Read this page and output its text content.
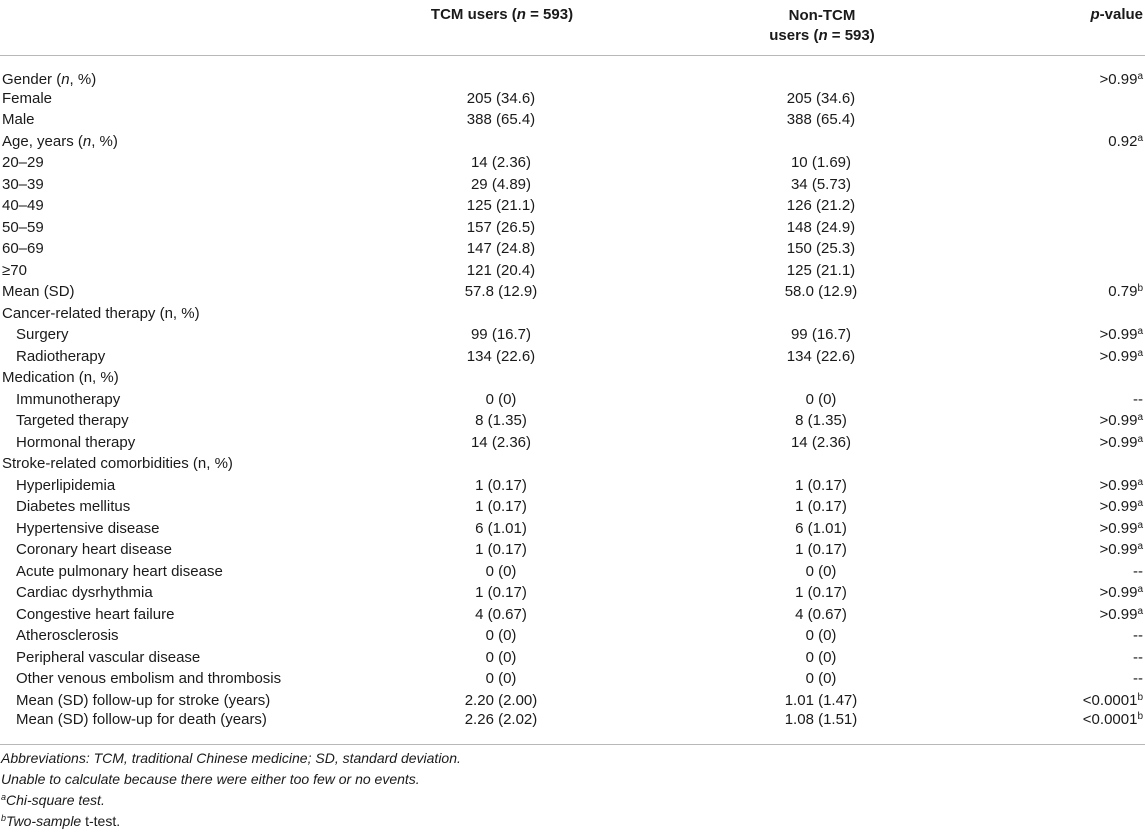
	TCM users (n = 593)	Non-TCM
users (n = 593)	p-value
Gender (n, %)			>0.99$^a$
Female	205 (34.6)	205 (34.6)	
Male	388 (65.4)	388 (65.4)	
Age, years (n, %)			0.92$^a$
20–29	14 (2.36)	10 (1.69)	
30–39	29 (4.89)	34 (5.73)	
40–49	125 (21.1)	126 (21.2)	
50–59	157 (26.5)	148 (24.9)	
60–69	147 (24.8)	150 (25.3)	
≥70	121 (20.4)	125 (21.1)	
Mean (SD)	57.8 (12.9)	58.0 (12.9)	0.79$^b$
Cancer-related therapy (n, %)			
Surgery	99 (16.7)	99 (16.7)	>0.99$^a$
Radiotherapy	134 (22.6)	134 (22.6)	>0.99$^a$
Medication (n, %)			
Immunotherapy	0 (0)	0 (0)	--
Targeted therapy	8 (1.35)	8 (1.35)	>0.99$^a$
Hormonal therapy	14 (2.36)	14 (2.36)	>0.99$^a$
Stroke-related comorbidities (n, %)			
Hyperlipidemia	1 (0.17)	1 (0.17)	>0.99$^a$
Diabetes mellitus	1 (0.17)	1 (0.17)	>0.99$^a$
Hypertensive disease	6 (1.01)	6 (1.01)	>0.99$^a$
Coronary heart disease	1 (0.17)	1 (0.17)	>0.99$^a$
Acute pulmonary heart disease	0 (0)	0 (0)	--
Cardiac dysrhythmia	1 (0.17)	1 (0.17)	>0.99$^a$
Congestive heart failure	4 (0.67)	4 (0.67)	>0.99$^a$
Atherosclerosis	0 (0)	0 (0)	--
Peripheral vascular disease	0 (0)	0 (0)	--
Other venous embolism and thrombosis	0 (0)	0 (0)	--
Mean (SD) follow-up for stroke (years)	2.20 (2.00)	1.01 (1.47)	<0.0001$^b$
Mean (SD) follow-up for death (years)	2.26 (2.02)	1.08 (1.51)	<0.0001$^b$

Abbreviations: TCM, traditional Chinese medicine; SD, standard deviation.

Unable to calculate because there were either too few or no events.

$^a$Chi-square test.

$^b$Two-sample t-test.
